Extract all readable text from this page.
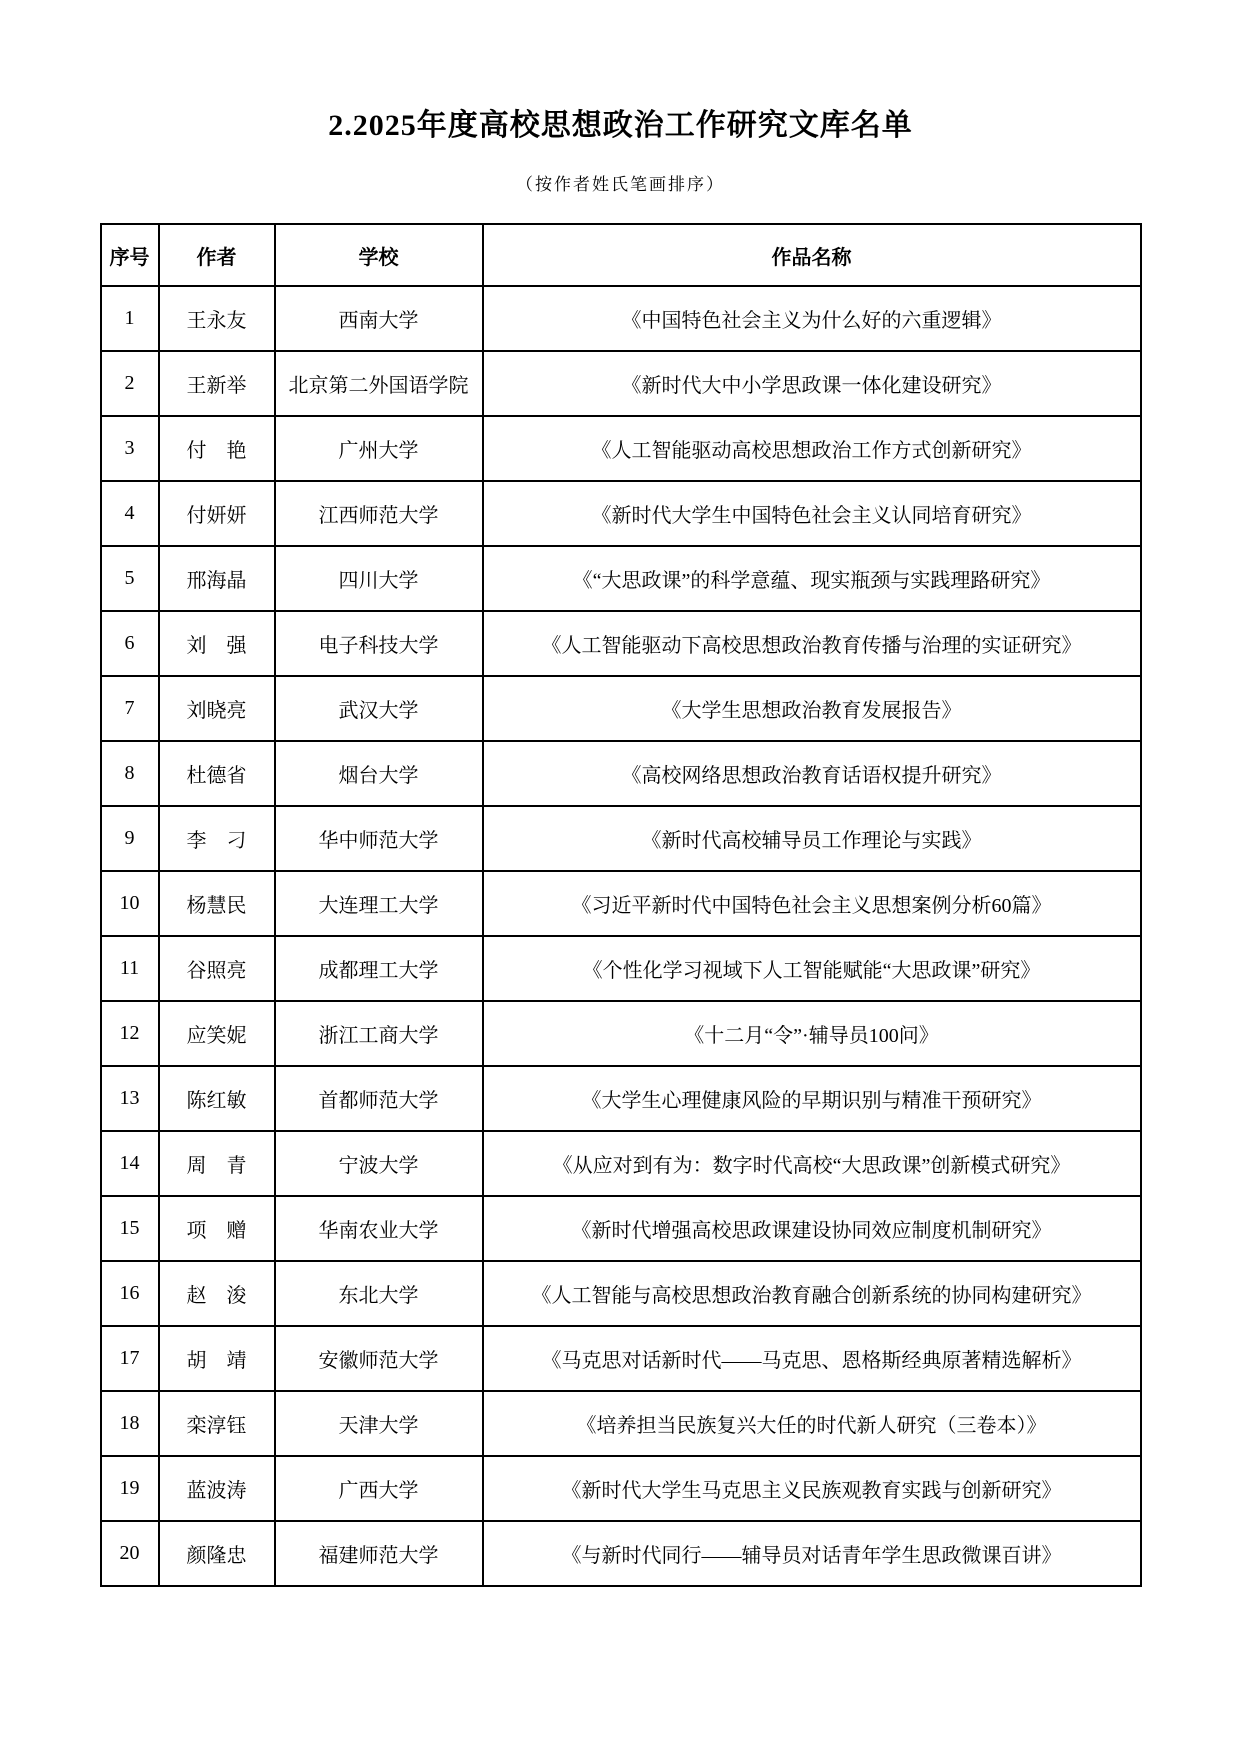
2.2025年度高校思想政治工作研究文库名单
（按作者姓氏笔画排序）
序号	作者	学校	作品名称
1	王永友	西南大学	《中国特色社会主义为什么好的六重逻辑》
2	王新举	北京第二外国语学院	《新时代大中小学思政课一体化建设研究》
3	付　艳	广州大学	《人工智能驱动高校思想政治工作方式创新研究》
4	付妍妍	江西师范大学	《新时代大学生中国特色社会主义认同培育研究》
5	邢海晶	四川大学	《“大思政课”的科学意蕴、现实瓶颈与实践理路研究》
6	刘　强	电子科技大学	《人工智能驱动下高校思想政治教育传播与治理的实证研究》
7	刘晓亮	武汉大学	《大学生思想政治教育发展报告》
8	杜德省	烟台大学	《高校网络思想政治教育话语权提升研究》
9	李　刁	华中师范大学	《新时代高校辅导员工作理论与实践》
10	杨慧民	大连理工大学	《习近平新时代中国特色社会主义思想案例分析60篇》
11	谷照亮	成都理工大学	《个性化学习视域下人工智能赋能“大思政课”研究》
12	应笑妮	浙江工商大学	《十二月“令”·辅导员100问》
13	陈红敏	首都师范大学	《大学生心理健康风险的早期识别与精准干预研究》
14	周　青	宁波大学	《从应对到有为：数字时代高校“大思政课”创新模式研究》
15	项　赠	华南农业大学	《新时代增强高校思政课建设协同效应制度机制研究》
16	赵　浚	东北大学	《人工智能与高校思想政治教育融合创新系统的协同构建研究》
17	胡　靖	安徽师范大学	《马克思对话新时代——马克思、恩格斯经典原著精选解析》
18	栾淳钰	天津大学	《培养担当民族复兴大任的时代新人研究（三卷本）》
19	蓝波涛	广西大学	《新时代大学生马克思主义民族观教育实践与创新研究》
20	颜隆忠	福建师范大学	《与新时代同行——辅导员对话青年学生思政微课百讲》
